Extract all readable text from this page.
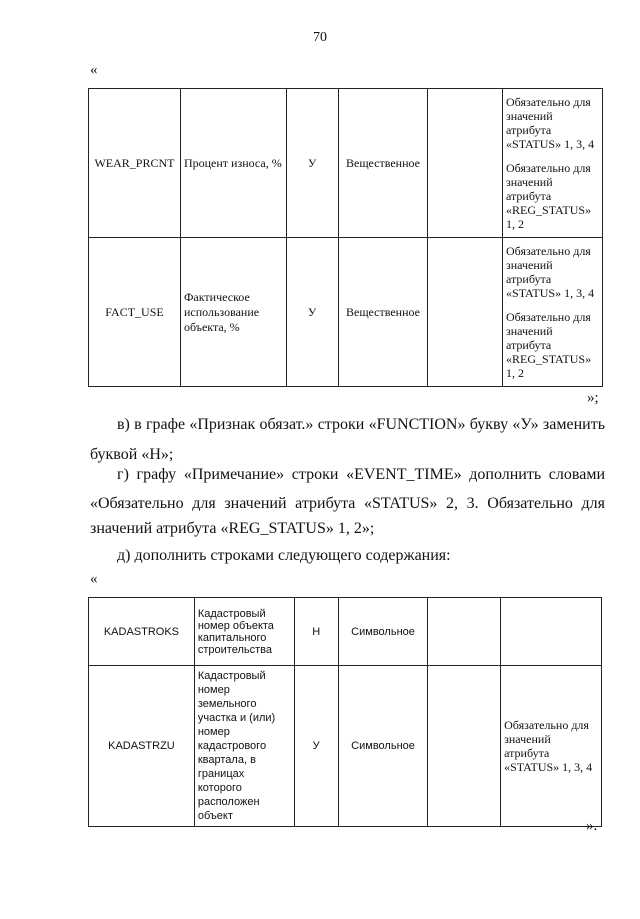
70
«
WEAR_PRCNT	Процент износа, %	У	Вещественное		Обязательно для значений атрибута «STATUS» 1, 3, 4

Обязательно для значений атрибута «REG_STATUS» 1, 2

FACT_USE	Фактическое использование объекта, %	У	Вещественное		Обязательно для значений атрибута «STATUS» 1, 3, 4

Обязательно для значений атрибута «REG_STATUS» 1, 2

»;
в) в графе «Признак обязат.» строки «FUNCTION» букву «У» заменить
буквой «Н»;
г) графу «Примечание» строки «EVENT_TIME» дополнить словами
«Обязательно для значений атрибута «STATUS» 2, 3. Обязательно для
значений атрибута «REG_STATUS» 1, 2»;
д) дополнить строками следующего содержания:
«
KADASTROKS	Кадастровый номер объекта капитального строительства	Н	Символьное		

KADASTRZU	Кадастровый номер земельного участка и (или) номер кадастрового квартала, в границах которого расположен объект	У	Символьное		Обязательно для значений атрибута «STATUS» 1, 3, 4

».
